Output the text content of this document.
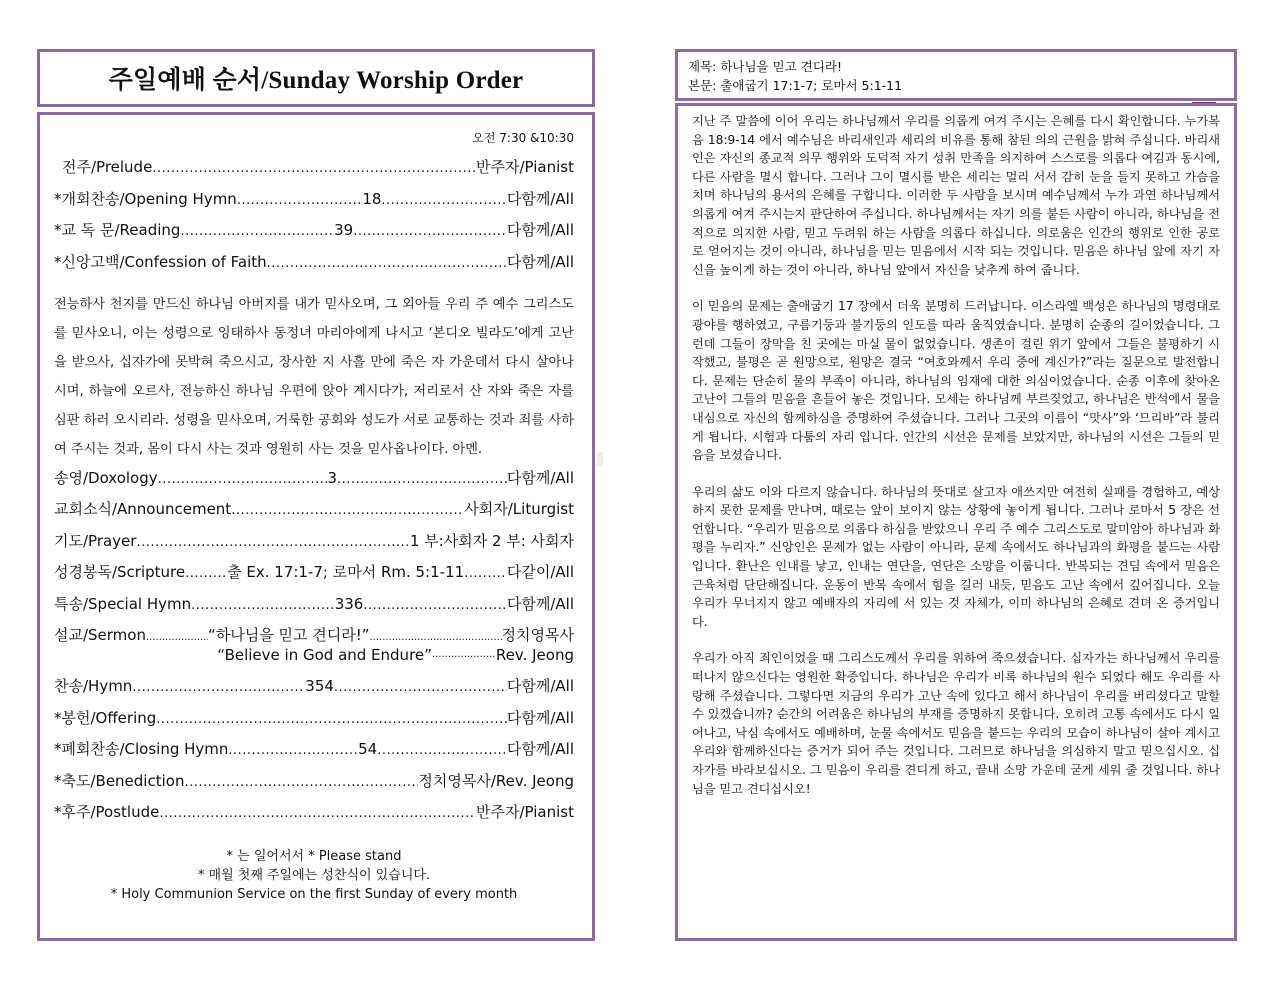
주일예배 순서/Sunday Worship Order
오전 7:30 &10:30
전주/Prelude .....	반주자/Pianist
*개회찬송/Opening Hymn .....	18 .....	다함께/All
*교 독 문/Reading .....	39 .....	다함께/All
*신앙고백/Confession of Faith .....	다함께/All

전능하사 천지를 만드신 하나님 아버지를 내가 믿사오며, 그 외아들 우리 주 예수 그리스도를 믿사오니, 이는 성령으로 잉태하사 동정녀 마리아에게 나시고 ‘본디오 빌라도’에게 고난을 받으사, 십자가에 못박혀 죽으시고, 장사한 지 사흘 만에 죽은 자 가운데서 다시 살아나시며, 하늘에 오르사, 전능하신 하나님 우편에 앉아 계시다가, 저리로서 산 자와 죽은 자를 심판 하러 오시리라. 성령을 믿사오며, 거룩한 공회와 성도가 서로 교통하는 것과 죄를 사하여 주시는 것과, 몸이 다시 사는 것과 영원히 사는 것을 믿사옵나이다. 아멘.

송영/Doxology .....	3 .....	다함께/All
교회소식/Announcement .....	사회자/Liturgist
기도/Prayer .....	1 부:사회자 2 부: 사회자
성경봉독/Scripture .....	출 Ex. 17:1-7; 로마서 Rm. 5:1-11 .....	다같이/All
특송/Special Hymn .....	336 .....	다함께/All
설교/Sermon .....	“하나님을 믿고 견디라!” .....	정치영목사
“Believe in God and Endure” .....	Rev. Jeong
찬송/Hymn .....	354 .....	다함께/All
*봉헌/Offering .....	다함께/All
*폐회찬송/Closing Hymn .....	54 .....	다함께/All
*축도/Benediction .....	정치영목사/Rev. Jeong
*후주/Postlude .....	반주자/Pianist
* 는 일어서서 * Please stand
* 매월 첫째 주일에는 성찬식이 있습니다.
* Holy Communion Service on the first Sunday of every month
제목: 하나님을 믿고 견디라!
본문: 출애굽기 17:1-7; 로마서 5:1-11

지난 주 말씀에 이어 우리는 하나님께서 우리를 의롭게 여겨 주시는 은혜를 다시 확인합니다. 누가복음 18:9-14 에서 예수님은 바리새인과 세리의 비유를 통해 참된 의의 근원을 밝혀 주십니다. 바리새인은 자신의 종교적 의무 행위와 도덕적 자기 성취 만족을 의지하여 스스로를 의롭다 여김과 동시에, 다른 사람을 멸시 합니다. 그러나 그이 멸시를 받은 세리는 멀리 서서 감히 눈을 들지 못하고 가슴을 치며 하나님의 용서의 은혜를 구합니다. 이러한 두 사람을 보시며 예수님께서 누가 과연 하나님께서 의롭게 여겨 주시는지 판단하여 주십니다. 하나님께서는 자기 의를 붙든 사람이 아니라, 하나님을 전적으로 의지한 사람, 믿고 두려워 하는 사람을 의롭다 하십니다. 의로움은 인간의 행위로 인한 공로로 얻어지는 것이 아니라, 하나님을 믿는 믿음에서 시작 되는 것입니다. 믿음은 하나님 앞에 자기 자신을 높이게 하는 것이 아니라, 하나님 앞에서 자신을 낮추게 하여 줍니다.

이 믿음의 문제는 출애굽기 17 장에서 더욱 분명히 드러납니다. 이스라엘 백성은 하나님의 명령대로 광야를 행하였고, 구름기둥과 불기둥의 인도를 따라 움직였습니다. 분명히 순종의 길이었습니다. 그런데 그들이 장막을 친 곳에는 마실 물이 없었습니다. 생존이 걸린 위기 앞에서 그들은 불평하기 시작했고, 불평은 곧 원망으로, 원망은 결국 “여호와께서 우리 중에 계신가?”라는 질문으로 발전합니다. 문제는 단순히 물의 부족이 아니라, 하나님의 임재에 대한 의심이었습니다. 순종 이후에 찾아온 고난이 그들의 믿음을 흔들어 놓은 것입니다. 모세는 하나님께 부르짖었고, 하나님은 반석에서 물을 내심으로 자신의 함께하심을 증명하여 주셨습니다. 그러나 그곳의 이름이 “맛사”와 ‘므리바”라 불리게 됩니다. 시험과 다툼의 자리 입니다. 인간의 시선은 문제를 보았지만, 하나님의 시선은 그들의 믿음을 보셨습니다.

우리의 삶도 이와 다르지 않습니다. 하나님의 뜻대로 살고자 애쓰지만 여전히 실패를 경험하고, 예상하지 못한 문제를 만나며, 때로는 앞이 보이지 않는 상황에 놓이게 됩니다. 그러나 로마서 5 장은 선언합니다. “우리가 믿음으로 의롭다 하심을 받았으니 우리 주 예수 그리스도로 말미암아 하나님과 화평을 누리자.” 신앙인은 문제가 없는 사람이 아니라, 문제 속에서도 하나님과의 화평을 붙드는 사람입니다. 환난은 인내를 낳고, 인내는 연단을, 연단은 소망을 이룹니다. 반복되는 견딤 속에서 믿음은 근육처럼 단단해집니다. 운동이 반복 속에서 힘을 길러 내듯, 믿음도 고난 속에서 깊어집니다. 오늘 우리가 무너지지 않고 예배자의 자리에 서 있는 것 자체가, 이미 하나님의 은혜로 견뎌 온 증거입니다.

우리가 아직 죄인이었을 때 그리스도께서 우리를 위하여 죽으셨습니다. 십자가는 하나님께서 우리를 떠나지 않으신다는 영원한 확증입니다. 하나님은 우리가 비록 하나님의 원수 되었다 해도 우리를 사랑해 주셨습니다. 그렇다면 지금의 우리가 고난 속에 있다고 해서 하나님이 우리를 버리셨다고 말할 수 있겠습니까? 순간의 어려움은 하나님의 부재를 증명하지 못합니다. 오히려 고통 속에서도 다시 일어나고, 낙심 속에서도 예배하며, 눈물 속에서도 믿음을 붙드는 우리의 모습이 하나님이 살아 계시고 우리와 함께하신다는 증거가 되어 주는 것입니다. 그러므로 하나님을 의심하지 말고 믿으십시오. 십자가를 바라보십시오. 그 믿음이 우리를 견디게 하고, 끝내 소망 가운데 굳게 세워 줄 것입니다. 하나님을 믿고 견디십시오!
